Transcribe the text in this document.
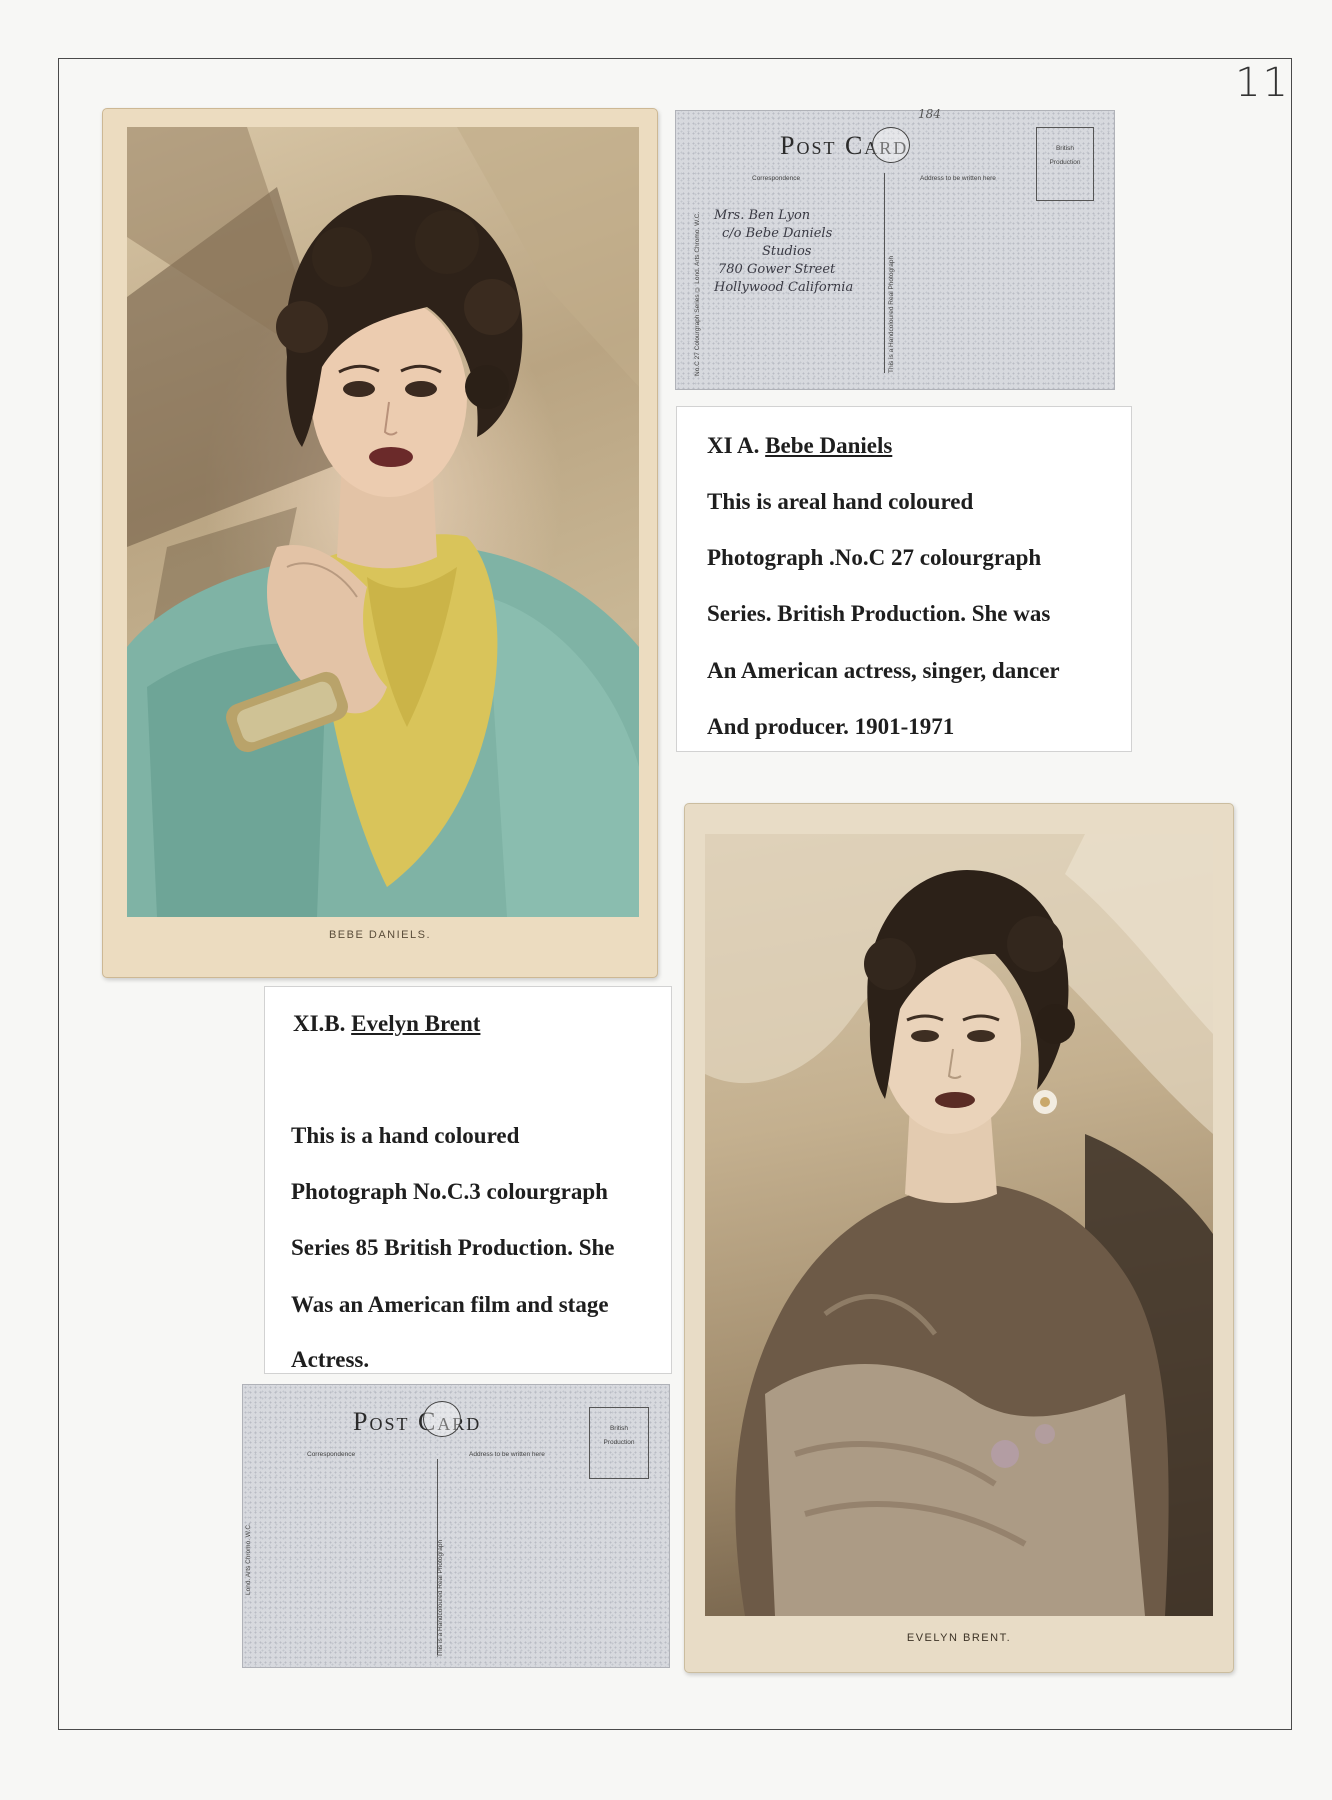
11
BEBE DANIELS.
Post Card
Correspondence	Address to be written here
British
Production
No.C 27 Colourgraph Series © Lond. Arts Chromo. W.C.	This is a Handcoloured Real Photograph
184
Mrs. Ben Lyon
c/o Bebe Daniels
Studios
780 Gower Street
Hollywood California
XI A. Bebe Daniels
This is areal hand coloured
Photograph .No.C 27 colourgraph
Series. British Production. She was
An American actress, singer, dancer
And producer. 1901-1971
XI.B. Evelyn Brent
This is a hand coloured
Photograph No.C.3 colourgraph
Series 85 British Production. She
Was an American film and stage
Actress.
Post Card
Correspondence	Address to be written here
British
Production
Lond. Arts Chromo. W.C.	This is a Handcoloured Real Photograph	EVELYN BRENT.
